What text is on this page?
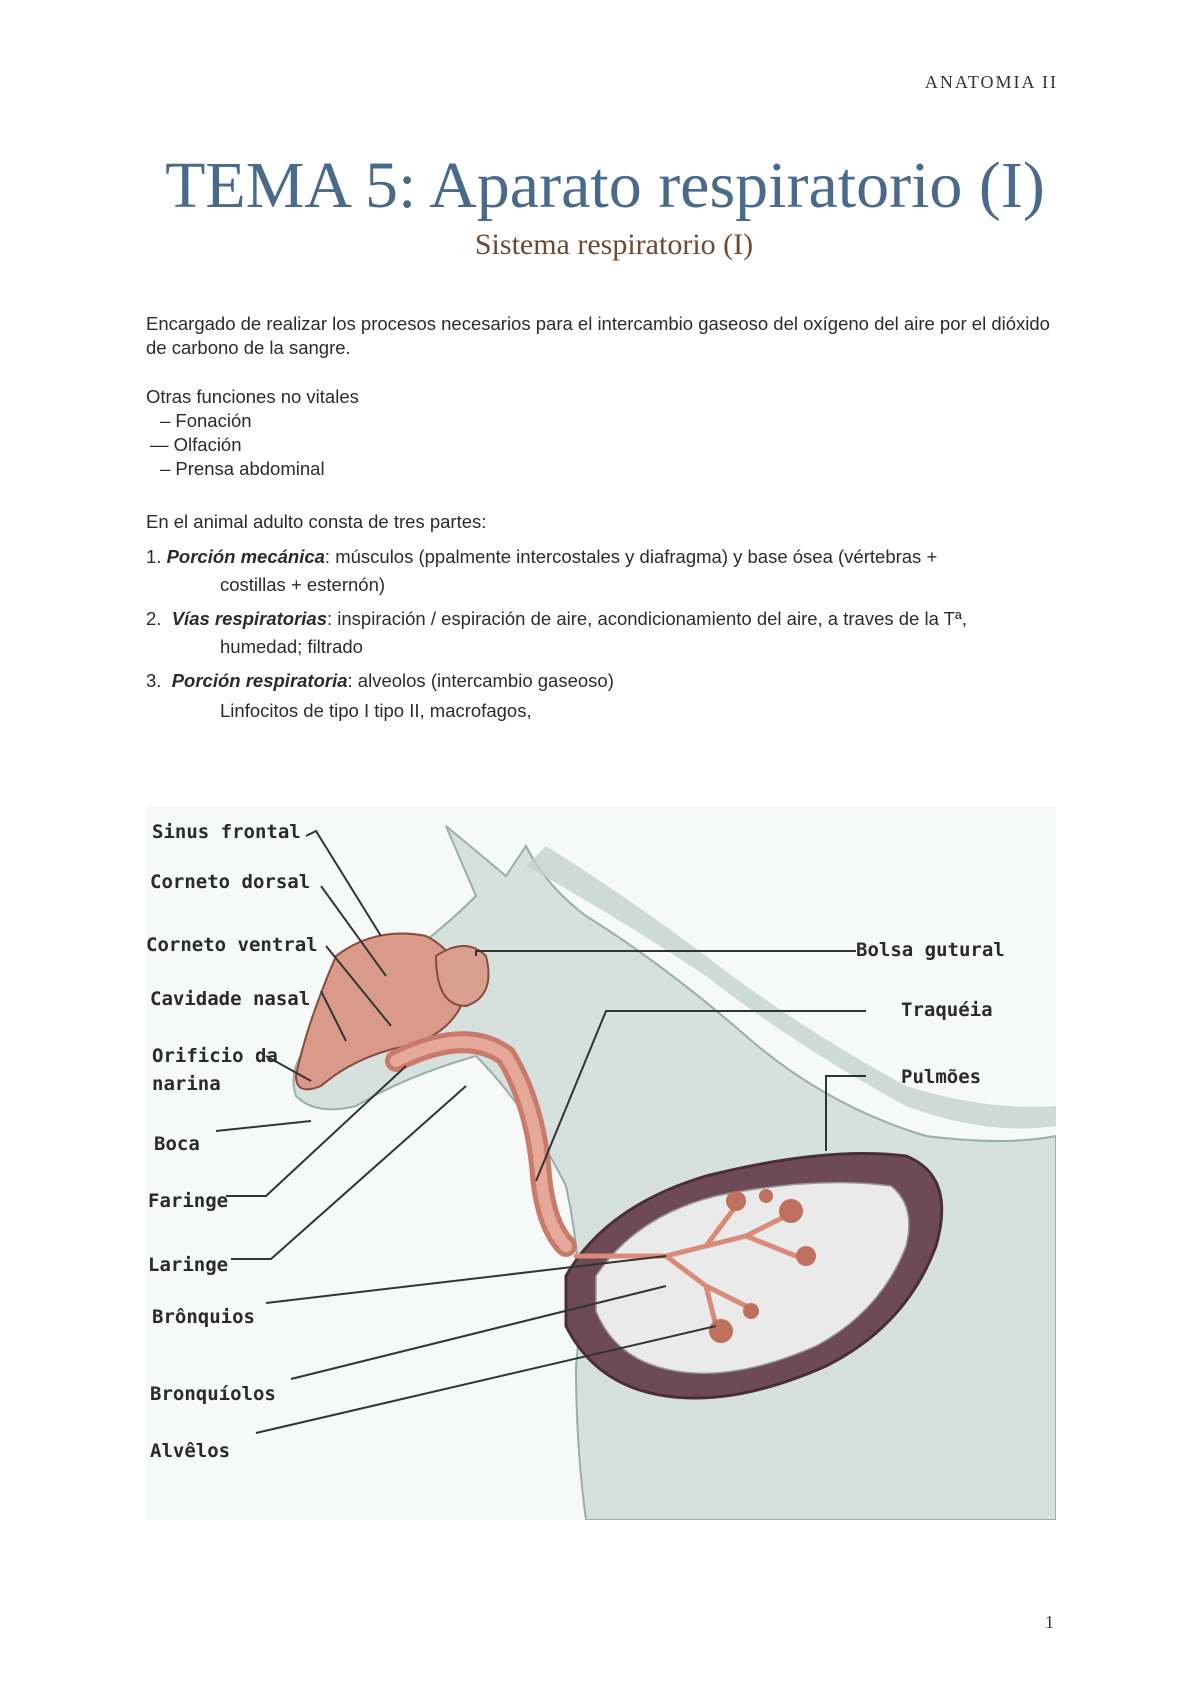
ANATOMIA II
TEMA 5: Aparato respiratorio (I)
Sistema respiratorio (I)
Encargado de realizar los procesos necesarios para el intercambio gaseoso del oxígeno del aire por el dióxido de carbono de la sangre.
Otras funciones no vitales
– Fonación
— Olfación
– Prensa abdominal
En el animal adulto consta de tres partes:
1. Porción mecánica: músculos (ppalmente intercostales y diafragma) y base ósea (vértebras +
costillas + esternón)
2. Vías respiratorias: inspiración / espiración de aire, acondicionamiento del aire, a traves de la Tª,
humedad; filtrado
3. Porción respiratoria: alveolos (intercambio gaseoso)
Linfocitos de tipo I tipo II, macrofagos,
Sinus frontal
Corneto dorsal
Corneto ventral
Cavidade nasal
Orificio da
narina
Boca
Faringe
Laringe
Brônquios
Bronquíolos
Alvêlos
Bolsa gutural
Traquéia
Pulmões
1
